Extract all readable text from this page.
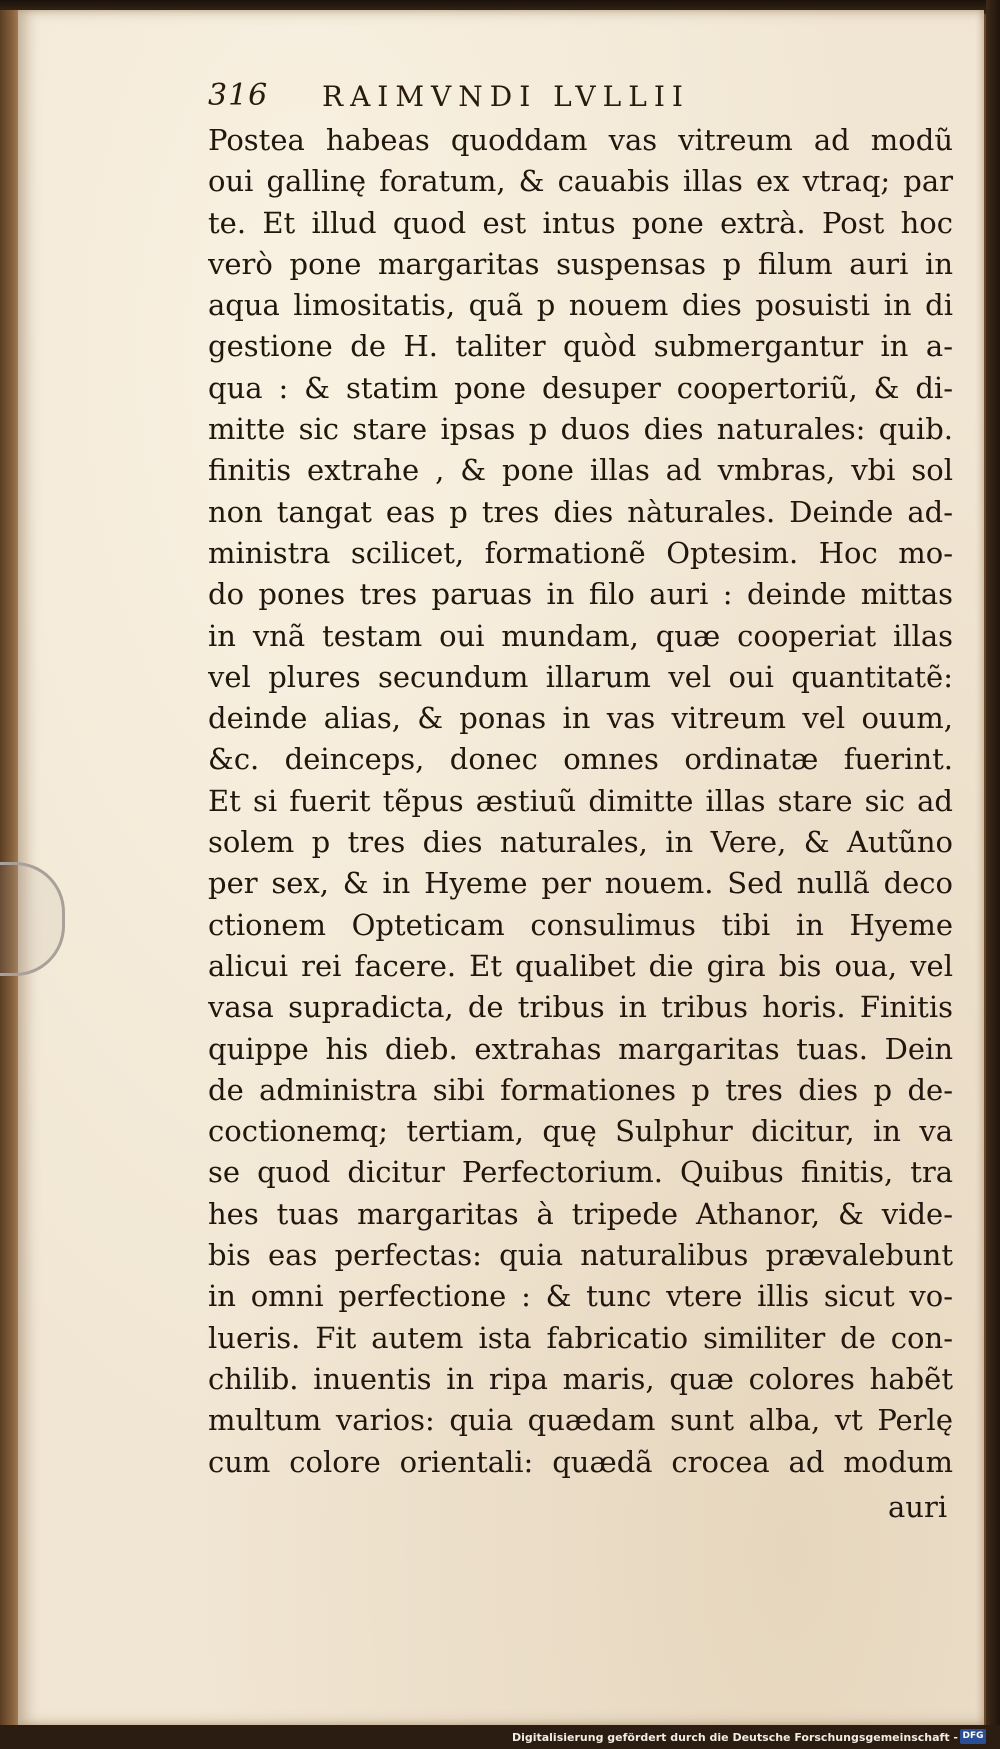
316 RAIMVNDI LVLLII
Postea habeas quoddam vas vitreum ad modũ
oui gallinę foratum, & cauabis illas ex vtraq; par
te. Et illud quod est intus pone extrà. Post hoc
verò pone margaritas suspensas p filum auri in
aqua limositatis, quã p nouem dies posuisti in di
gestione de H. taliter quòd submergantur in a-
qua : & statim pone desuper coopertoriũ, & di-
mitte sic stare ipsas p duos dies naturales: quib.
finitis extrahe , & pone illas ad vmbras, vbi sol
non tangat eas p tres dies nàturales. Deinde ad-
ministra scilicet, formationẽ Optesim. Hoc mo-
do pones tres paruas in filo auri : deinde mittas
in vnã testam oui mundam, quæ cooperiat illas
vel plures secundum illarum vel oui quantitatẽ:
deinde alias, & ponas in vas vitreum vel ouum,
&c. deinceps, donec omnes ordinatæ fuerint.
Et si fuerit tẽpus æstiuũ dimitte illas stare sic ad
solem p tres dies naturales, in Vere, & Autũno
per sex, & in Hyeme per nouem. Sed nullã deco
ctionem Opteticam consulimus tibi in Hyeme
alicui rei facere. Et qualibet die gira bis oua, vel
vasa supradicta, de tribus in tribus horis. Finitis
quippe his dieb. extrahas margaritas tuas. Dein
de administra sibi formationes p tres dies p de-
coctionemq; tertiam, quę Sulphur dicitur, in va
se quod dicitur Perfectorium. Quibus finitis, tra
hes tuas margaritas à tripede Athanor, & vide-
bis eas perfectas: quia naturalibus prævalebunt
in omni perfectione : & tunc vtere illis sicut vo-
lueris. Fit autem ista fabricatio similiter de con-
chilib. inuentis in ripa maris, quæ colores habẽt
multum varios: quia quædam sunt alba, vt Perlę
cum colore orientali: quædã crocea ad modum
auri
Digitalisierung gefördert durch die Deutsche Forschungsgemeinschaft - DFG
